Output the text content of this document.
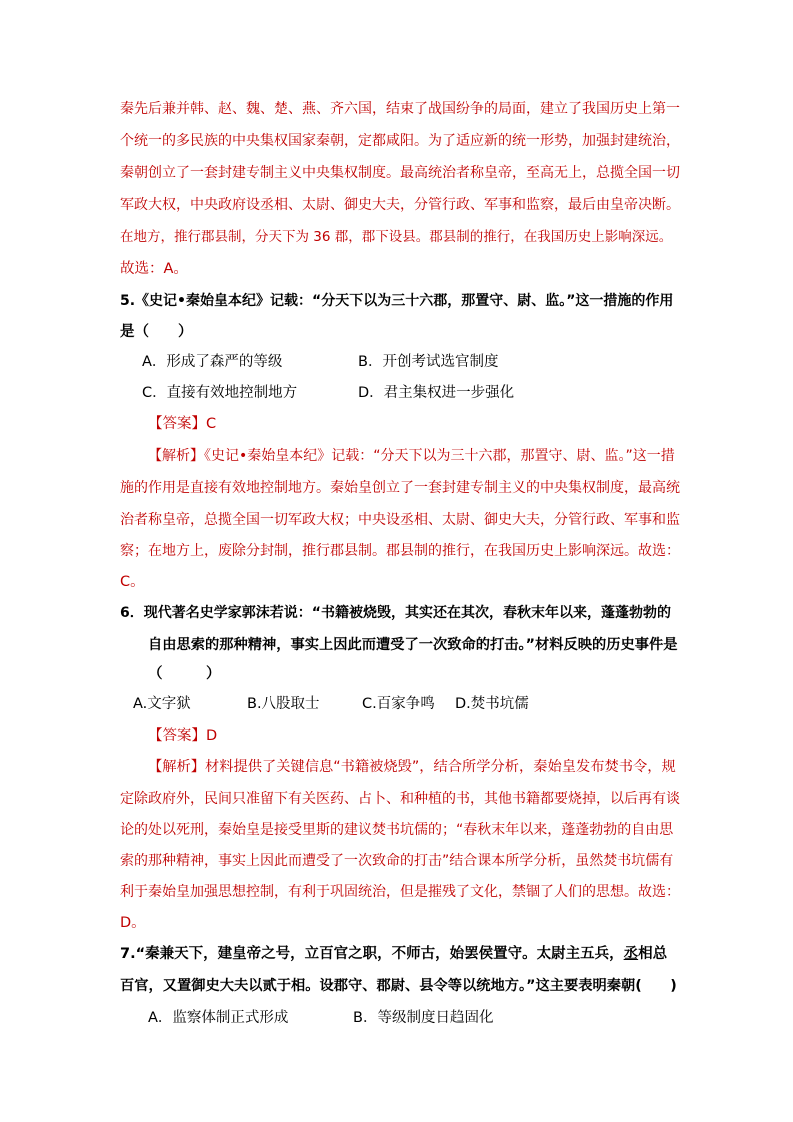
秦先后兼并韩、赵、魏、楚、燕、齐六国，结束了战国纷争的局面，建立了我国历史上第一
个统一的多民族的中央集权国家秦朝，定都咸阳。为了适应新的统一形势，加强封建统治，
秦朝创立了一套封建专制主义中央集权制度。最高统治者称皇帝，至高无上，总揽全国一切
军政大权，中央政府设丞相、太尉、御史大夫，分管行政、军事和监察，最后由皇帝决断。
在地方，推行郡县制，分天下为 36 郡，郡下设县。郡县制的推行，在我国历史上影响深远。
故选：A。
5.《史记•秦始皇本纪》记载：“分天下以为三十六郡，那置守、尉、监。”这一措施的作用
是（　　）
A．形成了森严的等级	B．开创考试选官制度
C．直接有效地控制地方	D．君主集权进一步强化
【答案】C
【解析】《史记•秦始皇本纪》记载：“分天下以为三十六郡，那置守、尉、监。”这一措
施的作用是直接有效地控制地方。秦始皇创立了一套封建专制主义的中央集权制度，最高统
治者称皇帝，总揽全国一切军政大权；中央设丞相、太尉、御史大夫，分管行政、军事和监
察；在地方上，废除分封制，推行郡县制。郡县制的推行，在我国历史上影响深远。故选：
C。
6．现代著名史学家郭沫若说：“书籍被烧毁，其实还在其次，春秋末年以来，蓬蓬勃勃的
自由思索的那种精神，事实上因此而遭受了一次致命的打击。”材料反映的历史事件是
（　　　）
A.文字狱	B.八股取士	C.百家争鸣 D.焚书坑儒
【答案】D
【解析】材料提供了关键信息“书籍被烧毁”，结合所学分析，秦始皇发布焚书令，规
定除政府外，民间只准留下有关医药、占卜、和种植的书，其他书籍都要烧掉，以后再有谈
论的处以死刑，秦始皇是接受里斯的建议焚书坑儒的；“春秋末年以来，蓬蓬勃勃的自由思
索的那种精神，事实上因此而遭受了一次致命的打击”结合课本所学分析，虽然焚书坑儒有
利于秦始皇加强思想控制，有利于巩固统治，但是摧残了文化，禁锢了人们的思想。故选：
D。
7.“秦兼天下，建皇帝之号，立百官之职，不师古，始罢侯置守。太尉主五兵，丞相总
百官，又置御史大夫以贰于相。设郡守、郡尉、县令等以统地方。”这主要表明秦朝(　　)
A．监察体制正式形成	B．等级制度日趋固化
